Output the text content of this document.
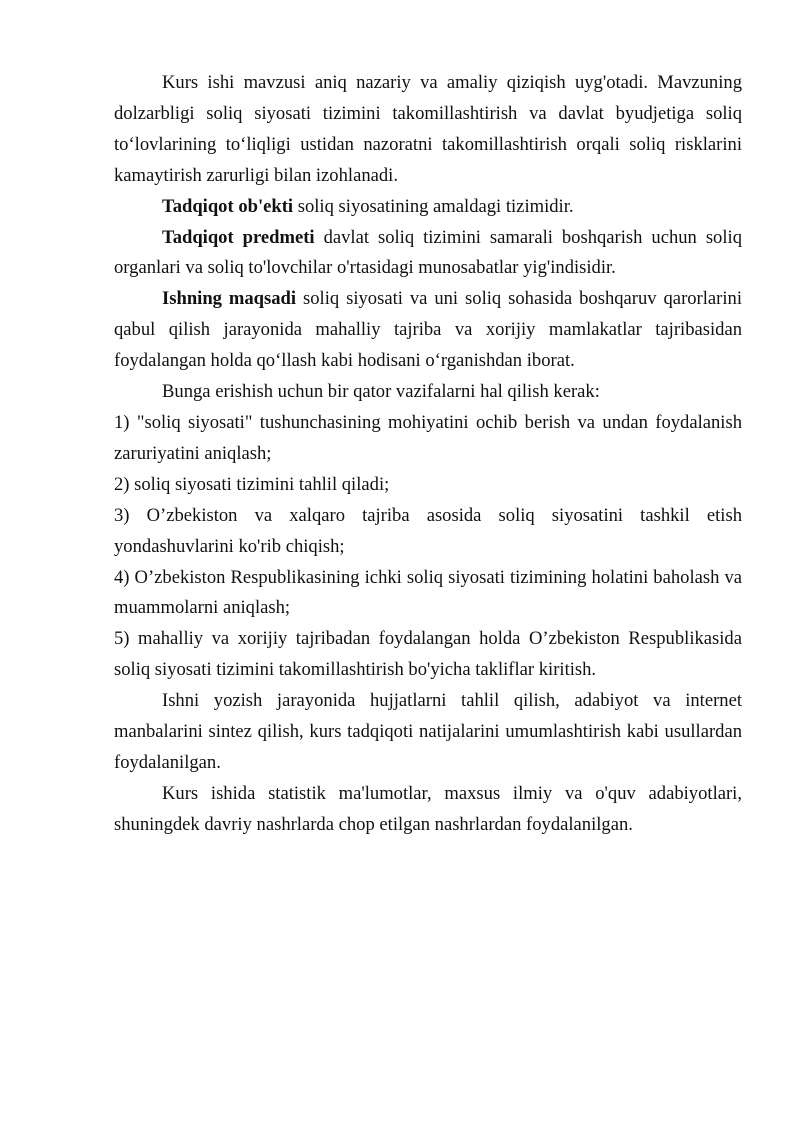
Kurs ishi mavzusi aniq nazariy va amaliy qiziqish uyg'otadi. Mavzuning dolzarbligi soliq siyosati tizimini takomillashtirish va davlat byudjetiga soliq to‘lovlarining to‘liqligi ustidan nazoratni takomillashtirish orqali soliq risklarini kamaytirish zarurligi bilan izohlanadi.

Tadqiqot ob'ekti soliq siyosatining amaldagi tizimidir.

Tadqiqot predmeti davlat soliq tizimini samarali boshqarish uchun soliq organlari va soliq to'lovchilar o'rtasidagi munosabatlar yig'indisidir.

Ishning maqsadi soliq siyosati va uni soliq sohasida boshqaruv qarorlarini qabul qilish jarayonida mahalliy tajriba va xorijiy mamlakatlar tajribasidan foydalangan holda qo‘llash kabi hodisani o‘rganishdan iborat.

Bunga erishish uchun bir qator vazifalarni hal qilish kerak:

1) "soliq siyosati" tushunchasining mohiyatini ochib berish va undan foydalanish zaruriyatini aniqlash;

2) soliq siyosati tizimini tahlil qiladi;

3) O’zbekiston va xalqaro tajriba asosida soliq siyosatini tashkil etish yondashuvlarini ko'rib chiqish;

4) O’zbekiston Respublikasining ichki soliq siyosati tizimining holatini baholash va muammolarni aniqlash;

5) mahalliy va xorijiy tajribadan foydalangan holda O’zbekiston Respublikasida soliq siyosati tizimini takomillashtirish bo'yicha takliflar kiritish.

Ishni yozish jarayonida hujjatlarni tahlil qilish, adabiyot va internet manbalarini sintez qilish, kurs tadqiqoti natijalarini umumlashtirish kabi usullardan foydalanilgan.

Kurs ishida statistik ma'lumotlar, maxsus ilmiy va o'quv adabiyotlari, shuningdek davriy nashrlarda chop etilgan nashrlardan foydalanilgan.
